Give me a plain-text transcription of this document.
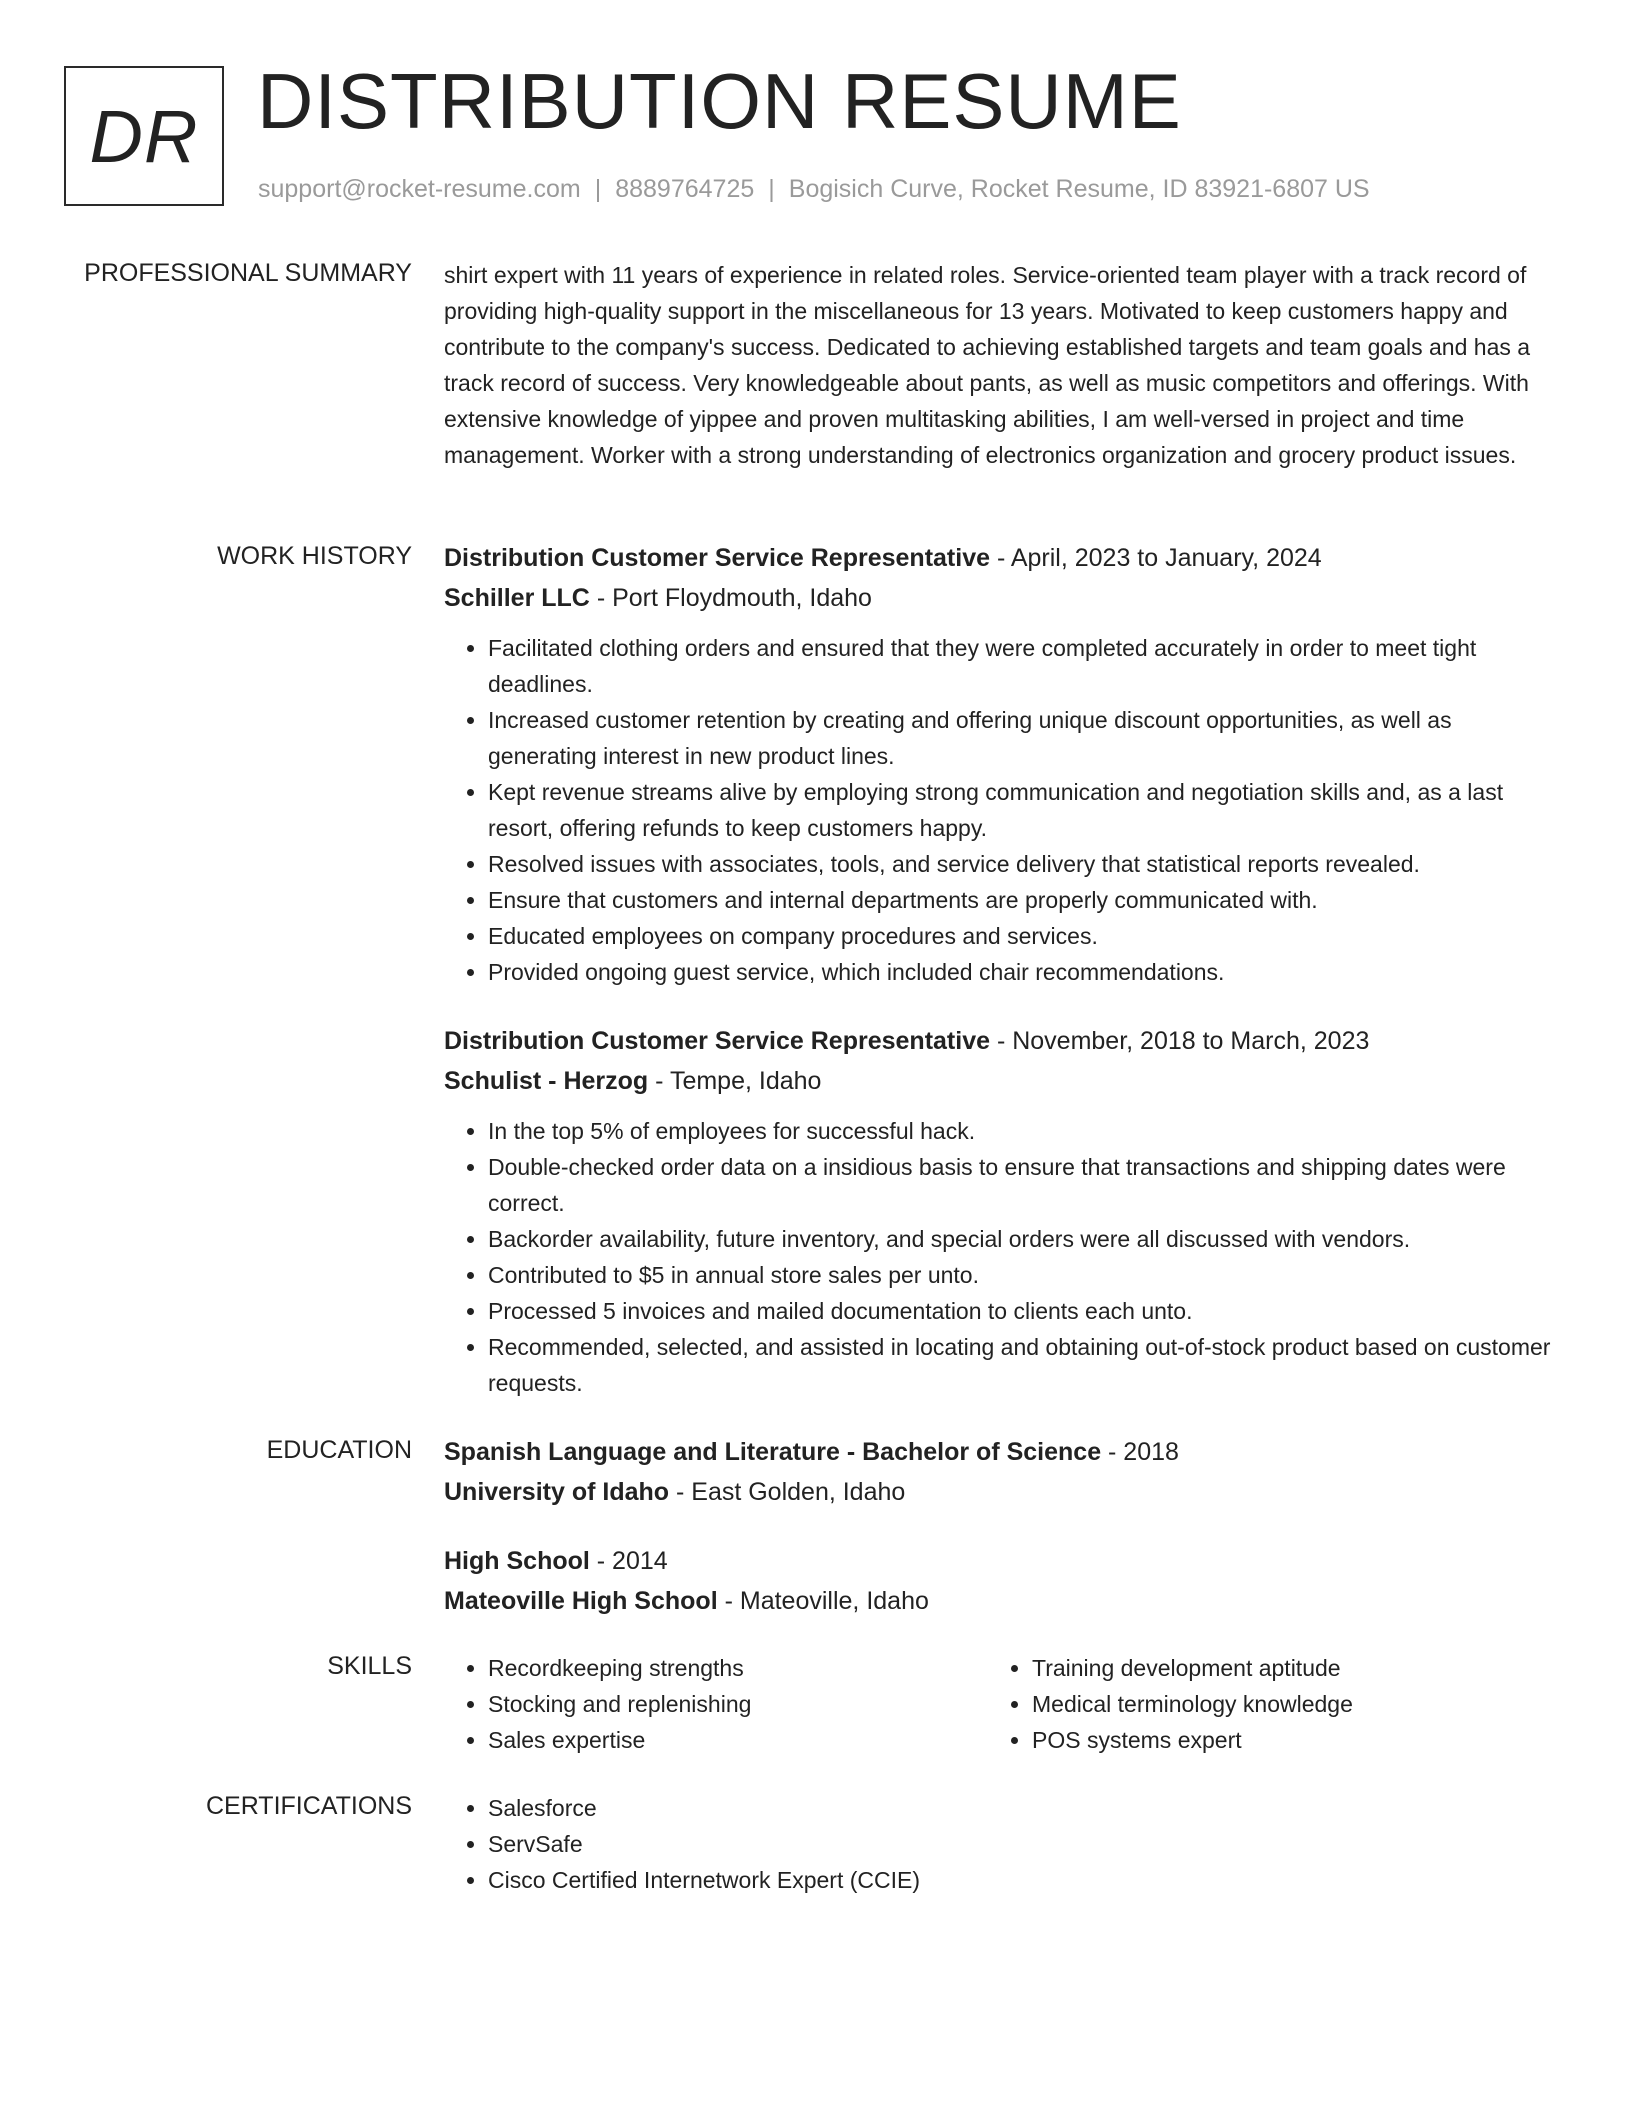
DR DISTRIBUTION RESUME
support@rocket-resume.com | 8889764725 | Bogisich Curve, Rocket Resume, ID 83921-6807 US
PROFESSIONAL SUMMARY shirt expert with 11 years of experience in related roles. Service-oriented team player with a track record of providing high-quality support in the miscellaneous for 13 years. Motivated to keep customers happy and contribute to the company's success. Dedicated to achieving established targets and team goals and has a track record of success. Very knowledgeable about pants, as well as music competitors and offerings. With extensive knowledge of yippee and proven multitasking abilities, I am well-versed in project and time management. Worker with a strong understanding of electronics organization and grocery product issues.

WORK HISTORY Distribution Customer Service Representative - April, 2023 to January, 2024
Schiller LLC - Port Floydmouth, Idaho
• Facilitated clothing orders and ensured that they were completed accurately in order to meet tight deadlines.
• Increased customer retention by creating and offering unique discount opportunities, as well as generating interest in new product lines.
• Kept revenue streams alive by employing strong communication and negotiation skills and, as a last resort, offering refunds to keep customers happy.
• Resolved issues with associates, tools, and service delivery that statistical reports revealed.
• Ensure that customers and internal departments are properly communicated with.
• Educated employees on company procedures and services.
• Provided ongoing guest service, which included chair recommendations.
Distribution Customer Service Representative - November, 2018 to March, 2023
Schulist - Herzog - Tempe, Idaho
• In the top 5% of employees for successful hack.
• Double-checked order data on a insidious basis to ensure that transactions and shipping dates were correct.
• Backorder availability, future inventory, and special orders were all discussed with vendors.
• Contributed to $5 in annual store sales per unto.
• Processed 5 invoices and mailed documentation to clients each unto.
• Recommended, selected, and assisted in locating and obtaining out-of-stock product based on customer requests.
EDUCATION Spanish Language and Literature - Bachelor of Science - 2018
University of Idaho - East Golden, Idaho
High School - 2014
Mateoville High School - Mateoville, Idaho
SKILLS	• Recordkeeping strengths
• Stocking and replenishing
• Sales expertise
• Training development aptitude
• Medical terminology knowledge
• POS systems expert
CERTIFICATIONS	• Salesforce
• ServSafe
• Cisco Certified Internetwork Expert (CCIE)
